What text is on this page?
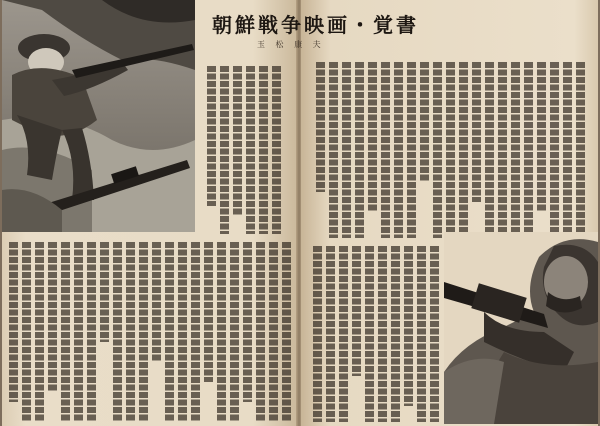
朝鮮戦争映画・覚書
玉 松 康 夫
